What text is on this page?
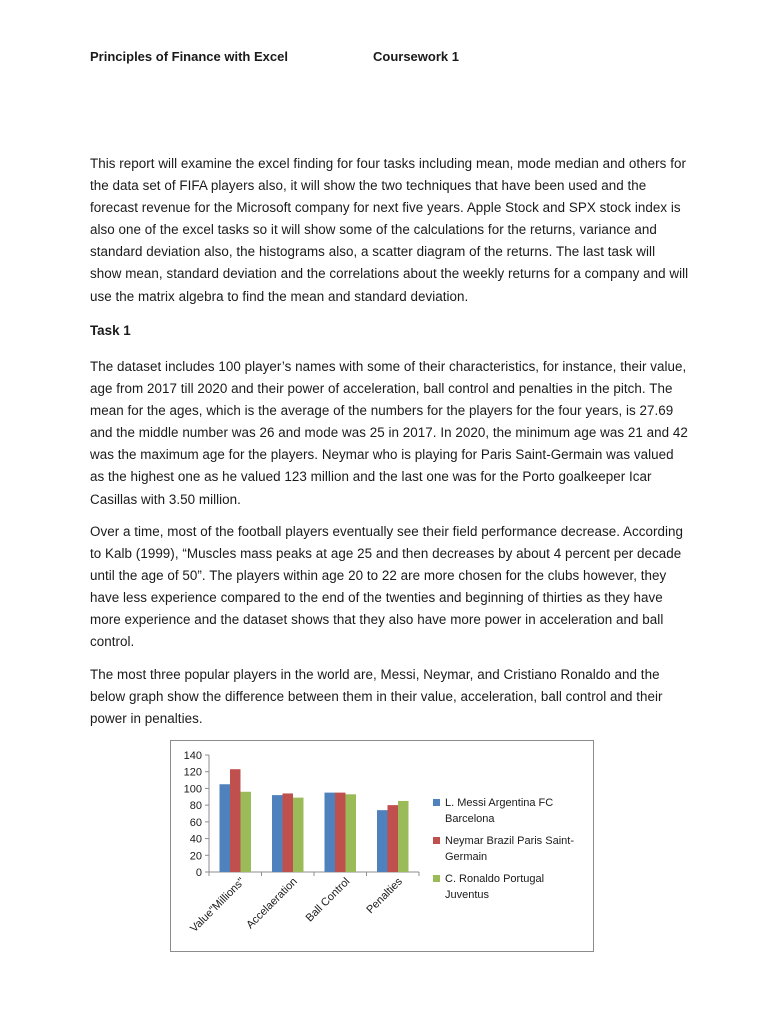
Principles of Finance with Excel	Coursework 1

This report will examine the excel finding for four tasks including mean, mode median and others for the data set of FIFA players also, it will show the two techniques that have been used and the forecast revenue for the Microsoft company for next five years. Apple Stock and SPX stock index is also one of the excel tasks so it will show some of the calculations for the returns, variance and standard deviation also, the histograms also, a scatter diagram of the returns. The last task will show mean, standard deviation and the correlations about the weekly returns for a company and will use the matrix algebra to find the mean and standard deviation.

Task 1

The dataset includes 100 player’s names with some of their characteristics, for instance, their value, age from 2017 till 2020 and their power of acceleration, ball control and penalties in the pitch. The mean for the ages, which is the average of the numbers for the players for the four years, is 27.69 and the middle number was 26 and mode was 25 in 2017. In 2020, the minimum age was 21 and 42 was the maximum age for the players. Neymar who is playing for Paris Saint-Germain was valued as the highest one as he valued 123 million and the last one was for the Porto goalkeeper Icar Casillas with 3.50 million.

Over a time, most of the football players eventually see their field performance decrease. According to Kalb (1999), “Muscles mass peaks at age 25 and then decreases by about 4 percent per decade until the age of 50”. The players within age 20 to 22 are more chosen for the clubs however, they have less experience compared to the end of the twenties and beginning of thirties as they have more experience and the dataset shows that they also have more power in acceleration and ball control.

The most three popular players in the world are, Messi, Neymar, and Cristiano Ronaldo and the below graph show the difference between them in their value, acceleration, ball control and their power in penalties.

0
20
40
60
80
100
120
140
Value"Millions"
Accelaeration Ball Control Penalties
L. Messi Argentina FC Barcelona
Neymar Brazil Paris Saint-Germain
C. Ronaldo Portugal Juventus
